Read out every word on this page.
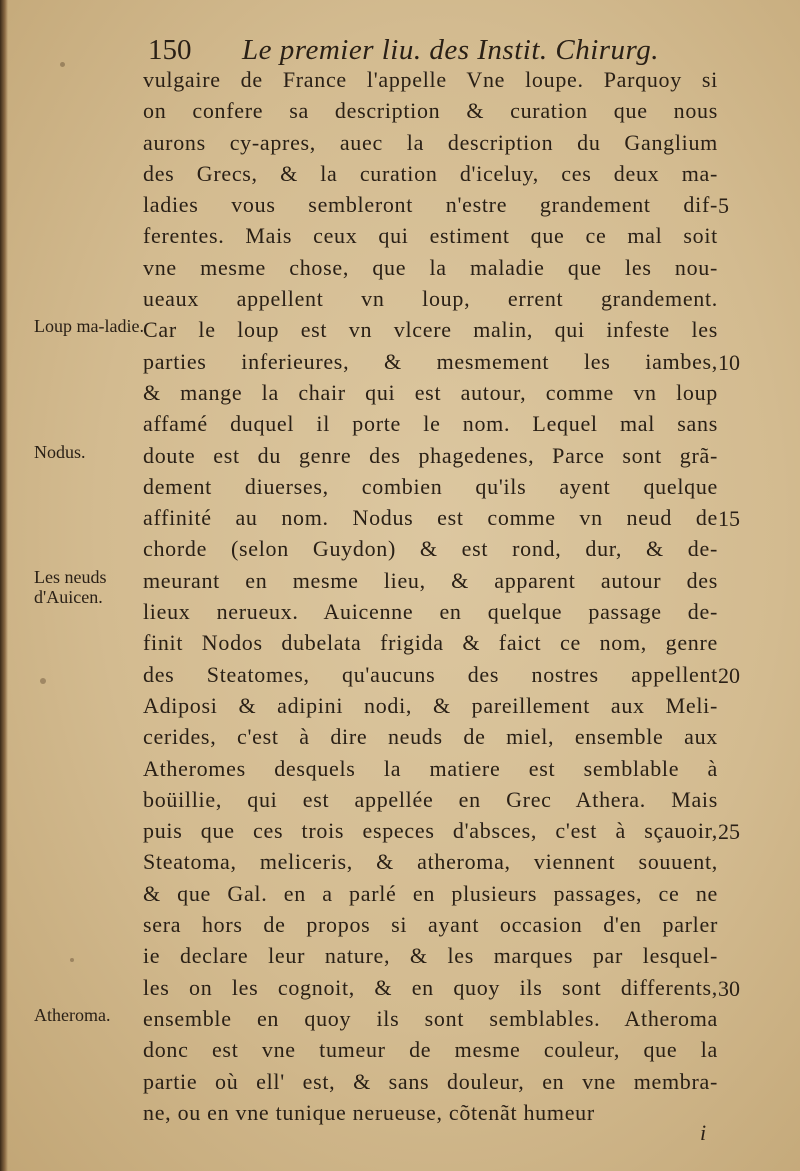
150 Le premier liu. des Instit. Chirurg.
vulgaire de France l'appelle Vne loupe. Parquoy si
on confere sa description & curation que nous
aurons cy-apres, auec la description du Ganglium
des Grecs, & la curation d'iceluy, ces deux ma-
ladies vous sembleront n'estre grandement dif-
ferentes. Mais ceux qui estiment que ce mal soit
vne mesme chose, que la maladie que les nou-
ueaux appellent vn loup, errent grandement.
Car le loup est vn vlcere malin, qui infeste les
parties inferieures, & mesmement les iambes,
& mange la chair qui est autour, comme vn loup
affamé duquel il porte le nom. Lequel mal sans
doute est du genre des phagedenes, Parce sont grã-
dement diuerses, combien qu'ils ayent quelque
affinité au nom. Nodus est comme vn neud de
chorde (selon Guydon) & est rond, dur, & de-
meurant en mesme lieu, & apparent autour des
lieux nerueux. Auicenne en quelque passage de-
finit Nodos dubelata frigida & faict ce nom, genre
des Steatomes, qu'aucuns des nostres appellent
Adiposi & adipini nodi, & pareillement aux Meli-
cerides, c'est à dire neuds de miel, ensemble aux
Atheromes desquels la matiere est semblable à
boüillie, qui est appellée en Grec Athera. Mais
puis que ces trois especes d'absces, c'est à sçauoir,
Steatoma, meliceris, & atheroma, viennent souuent,
& que Gal. en a parlé en plusieurs passages, ce ne
sera hors de propos si ayant occasion d'en parler
ie declare leur nature, & les marques par lesquel-
les on les cognoit, & en quoy ils sont differents,
ensemble en quoy ils sont semblables. Atheroma
donc est vne tumeur de mesme couleur, que la
partie où ell' est, & sans douleur, en vne membra-
ne, ou en vne tunique nerueuse, cõtenãt humeur
Loup ma-ladie.
Nodus.
Les neuds d'Auicen.
Atheroma.
5
10
15
20
25
30
i
